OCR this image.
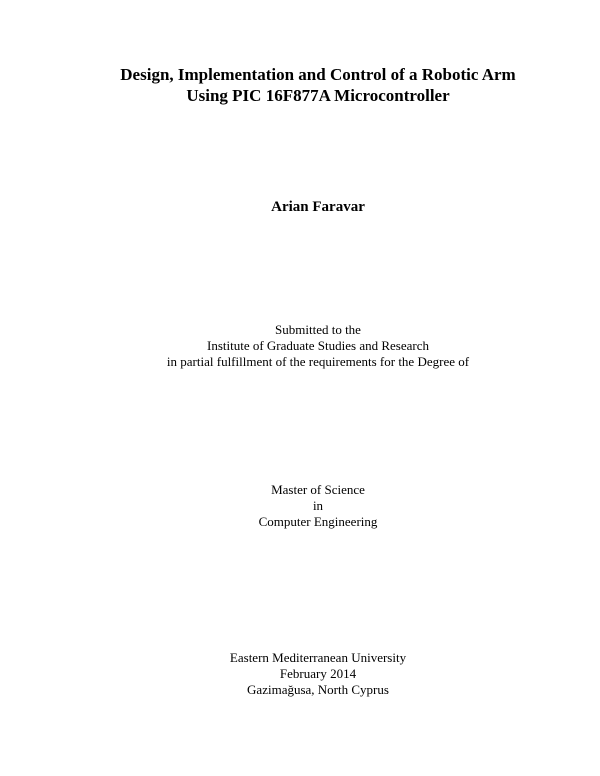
Design, Implementation and Control of a Robotic Arm
Using PIC 16F877A Microcontroller
Arian Faravar
Submitted to the
Institute of Graduate Studies and Research
in partial fulfillment of the requirements for the Degree of
Master of Science
in
Computer Engineering
Eastern Mediterranean University
February 2014
Gazimağusa, North Cyprus
